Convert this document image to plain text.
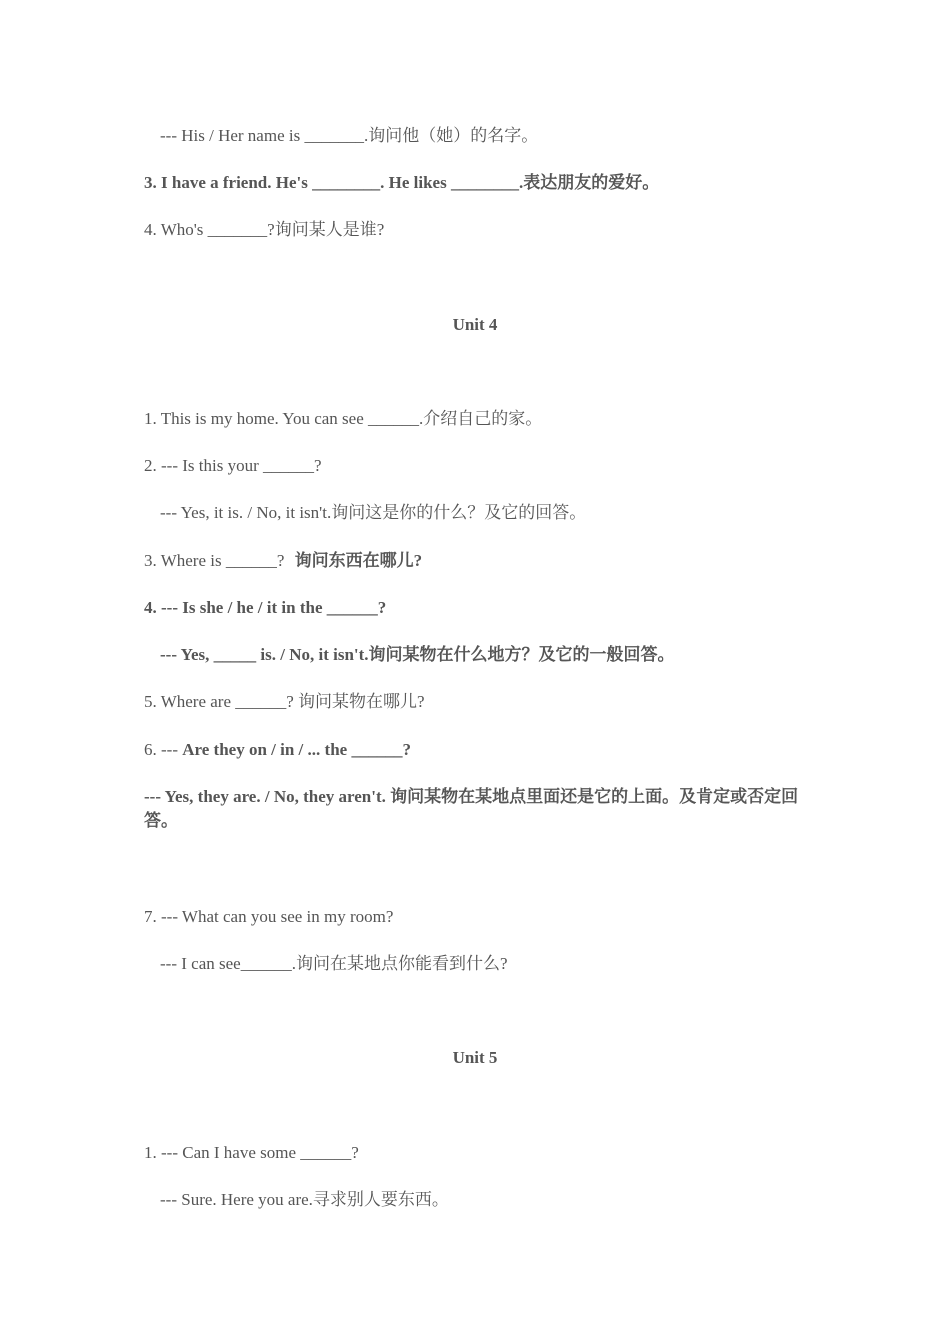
--- His / Her name is _______.询问他（她）的名字。
3. I have a friend. He's ________. He likes ________.表达朋友的爱好。
4. Who's _______?询问某人是谁?
Unit 4
1. This is my home. You can see ______.介绍自己的家。
2. --- Is this your ______?
--- Yes, it is. / No, it isn't.询问这是你的什么？及它的回答。
3. Where is ______? 询问东西在哪儿?
4. --- Is she / he / it in the ______?
--- Yes, _____ is. / No, it isn't.询问某物在什么地方？及它的一般回答。
5. Where are ______? 询问某物在哪儿?
6. --- Are they on / in / ... the ______?
--- Yes, they are. / No, they aren't. 询问某物在某地点里面还是它的上面。及肯定或否定回答。
7. --- What can you see in my room?
--- I can see______.询问在某地点你能看到什么?
Unit 5
1. --- Can I have some ______?
--- Sure. Here you are.寻求别人要东西。
